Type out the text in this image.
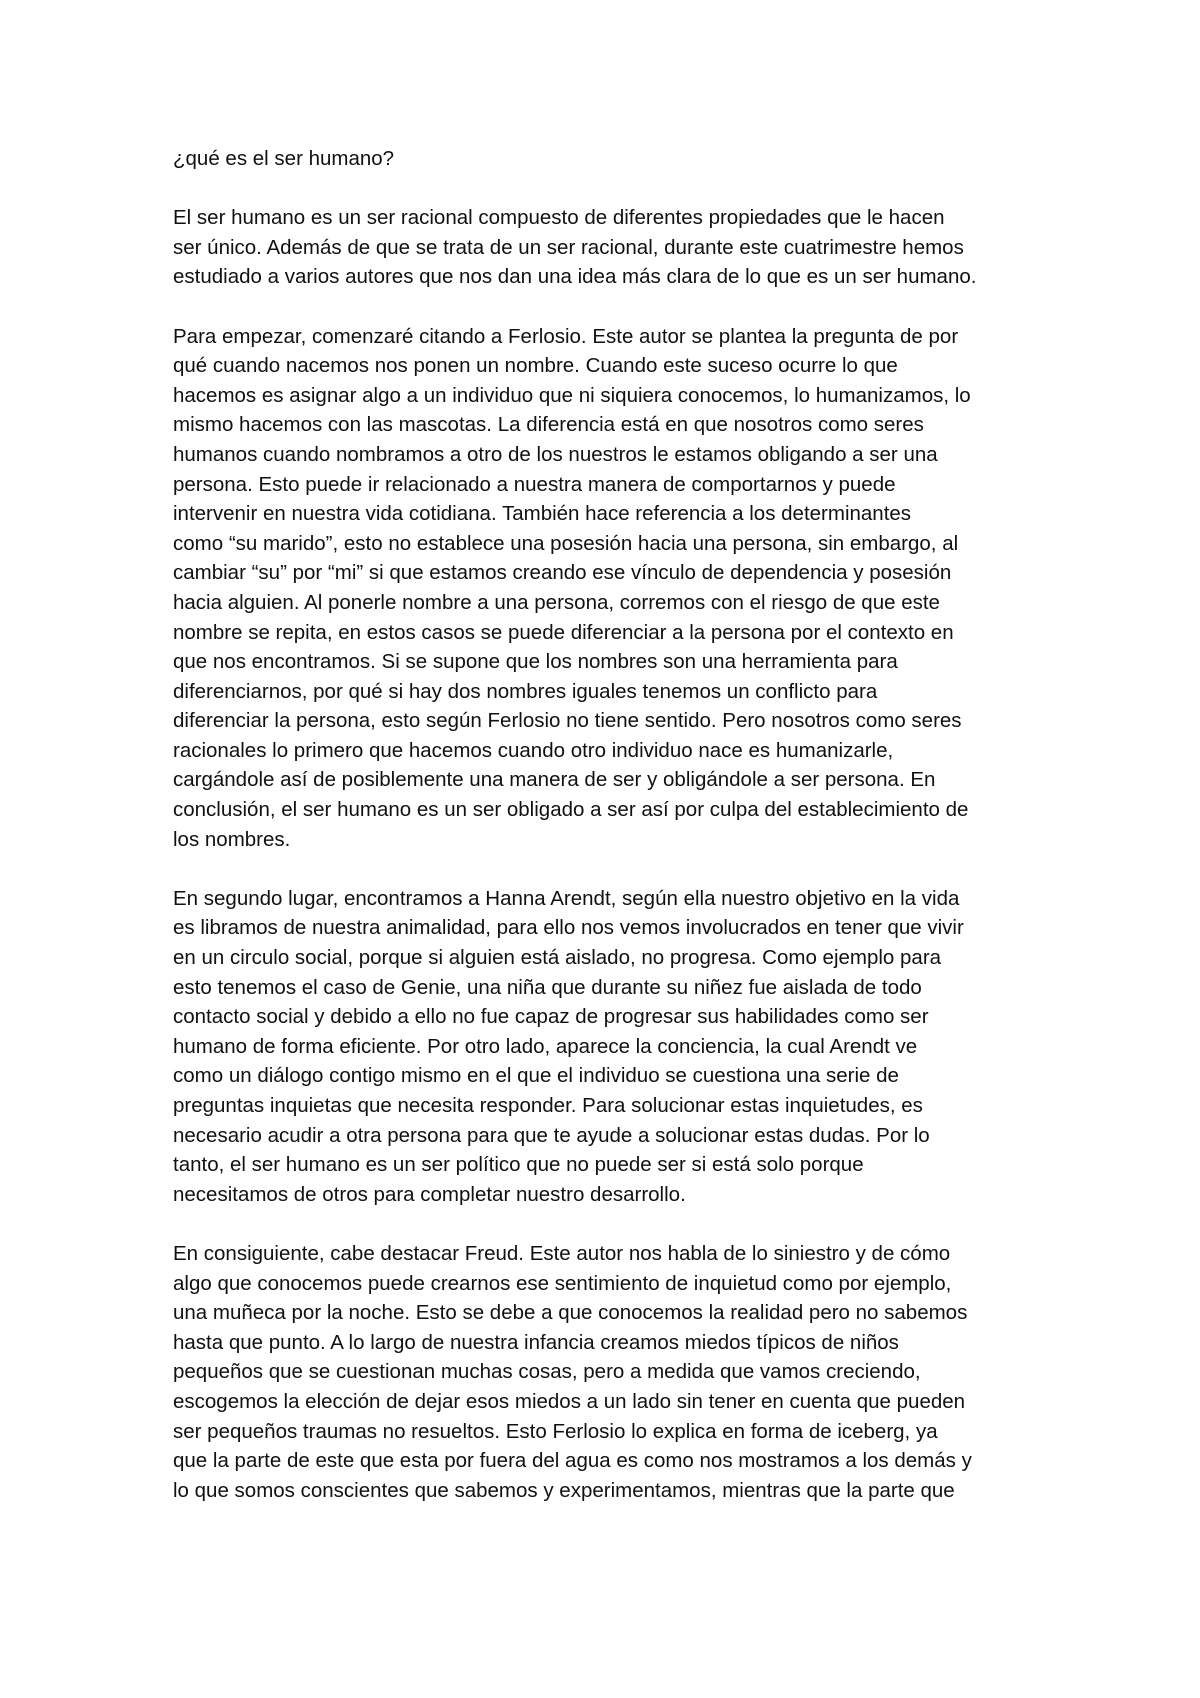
¿qué es el ser humano?
El ser humano es un ser racional compuesto de diferentes propiedades que le hacen
ser único. Además de que se trata de un ser racional, durante este cuatrimestre hemos
estudiado a varios autores que nos dan una idea más clara de lo que es un ser humano.
Para empezar, comenzaré citando a Ferlosio. Este autor se plantea la pregunta de por
qué cuando nacemos nos ponen un nombre. Cuando este suceso ocurre lo que
hacemos es asignar algo a un individuo que ni siquiera conocemos, lo humanizamos, lo
mismo hacemos con las mascotas. La diferencia está en que nosotros como seres
humanos cuando nombramos a otro de los nuestros le estamos obligando a ser una
persona. Esto puede ir relacionado a nuestra manera de comportarnos y puede
intervenir en nuestra vida cotidiana. También hace referencia a los determinantes
como “su marido”, esto no establece una posesión hacia una persona, sin embargo, al
cambiar “su” por “mi” si que estamos creando ese vínculo de dependencia y posesión
hacia alguien. Al ponerle nombre a una persona, corremos con el riesgo de que este
nombre se repita, en estos casos se puede diferenciar a la persona por el contexto en
que nos encontramos. Si se supone que los nombres son una herramienta para
diferenciarnos, por qué si hay dos nombres iguales tenemos un conflicto para
diferenciar la persona, esto según Ferlosio no tiene sentido. Pero nosotros como seres
racionales lo primero que hacemos cuando otro individuo nace es humanizarle,
cargándole así de posiblemente una manera de ser y obligándole a ser persona. En
conclusión, el ser humano es un ser obligado a ser así por culpa del establecimiento de
los nombres.
En segundo lugar, encontramos a Hanna Arendt, según ella nuestro objetivo en la vida
es libramos de nuestra animalidad, para ello nos vemos involucrados en tener que vivir
en un circulo social, porque si alguien está aislado, no progresa. Como ejemplo para
esto tenemos el caso de Genie, una niña que durante su niñez fue aislada de todo
contacto social y debido a ello no fue capaz de progresar sus habilidades como ser
humano de forma eficiente. Por otro lado, aparece la conciencia, la cual Arendt ve
como un diálogo contigo mismo en el que el individuo se cuestiona una serie de
preguntas inquietas que necesita responder. Para solucionar estas inquietudes, es
necesario acudir a otra persona para que te ayude a solucionar estas dudas. Por lo
tanto, el ser humano es un ser político que no puede ser si está solo porque
necesitamos de otros para completar nuestro desarrollo.
En consiguiente, cabe destacar Freud. Este autor nos habla de lo siniestro y de cómo
algo que conocemos puede crearnos ese sentimiento de inquietud como por ejemplo,
una muñeca por la noche. Esto se debe a que conocemos la realidad pero no sabemos
hasta que punto. A lo largo de nuestra infancia creamos miedos típicos de niños
pequeños que se cuestionan muchas cosas, pero a medida que vamos creciendo,
escogemos la elección de dejar esos miedos a un lado sin tener en cuenta que pueden
ser pequeños traumas no resueltos. Esto Ferlosio lo explica en forma de iceberg, ya
que la parte de este que esta por fuera del agua es como nos mostramos a los demás y
lo que somos conscientes que sabemos y experimentamos, mientras que la parte que
